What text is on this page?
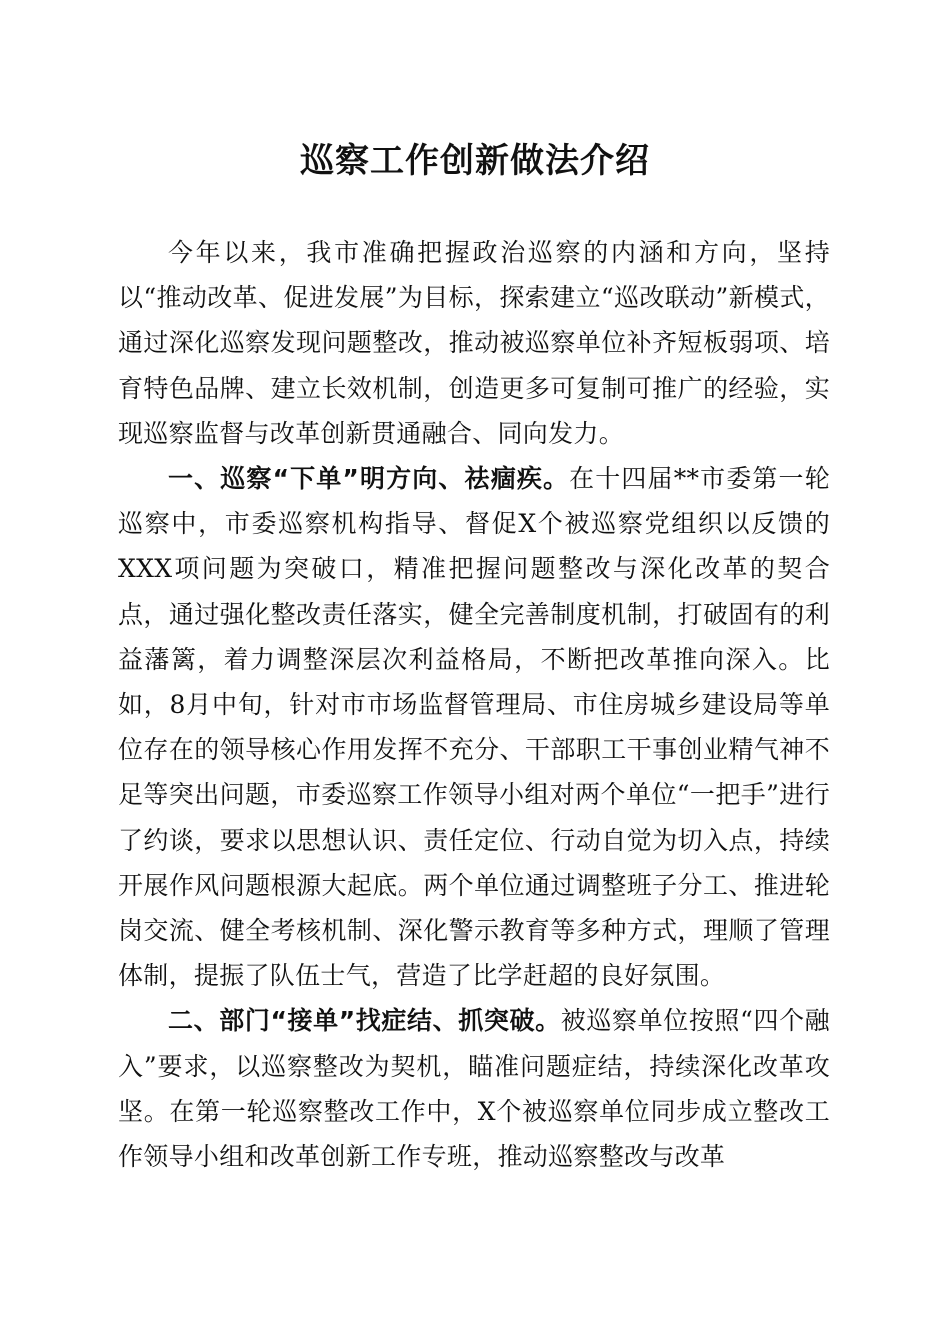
巡察工作创新做法介绍

今年以来，我市准确把握政治巡察的内涵和方向，坚持以“推动改革、促进发展”为目标，探索建立“巡改联动”新模式，通过深化巡察发现问题整改，推动被巡察单位补齐短板弱项、培育特色品牌、建立长效机制，创造更多可复制可推广的经验，实现巡察监督与改革创新贯通融合、同向发力。

一、巡察“下单”明方向、祛痼疾。在十四届**市委第一轮巡察中，市委巡察机构指导、督促X个被巡察党组织以反馈的XXX项问题为突破口，精准把握问题整改与深化改革的契合点，通过强化整改责任落实，健全完善制度机制，打破固有的利益藩篱，着力调整深层次利益格局，不断把改革推向深入。比如，8月中旬，针对市市场监督管理局、市住房城乡建设局等单位存在的领导核心作用发挥不充分、干部职工干事创业精气神不足等突出问题，市委巡察工作领导小组对两个单位“一把手”进行了约谈，要求以思想认识、责任定位、行动自觉为切入点，持续开展作风问题根源大起底。两个单位通过调整班子分工、推进轮岗交流、健全考核机制、深化警示教育等多种方式，理顺了管理体制，提振了队伍士气，营造了比学赶超的良好氛围。

二、部门“接单”找症结、抓突破。被巡察单位按照“四个融入”要求，以巡察整改为契机，瞄准问题症结，持续深化改革攻坚。在第一轮巡察整改工作中，X个被巡察单位同步成立整改工作领导小组和改革创新工作专班，推动巡察整改与改革
